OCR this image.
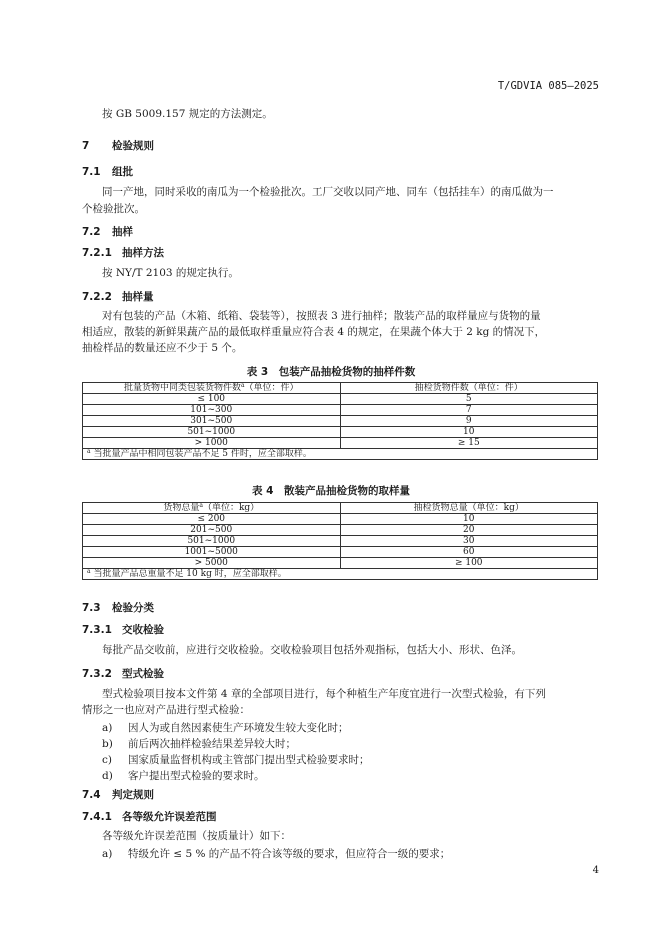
T/GDVIA 085—2025
按 GB 5009.157 规定的方法测定。
7 检验规则
7.1 组批
同一产地，同时采收的南瓜为一个检验批次。工厂交收以同产地、同车（包括挂车）的南瓜做为一
个检验批次。
7.2 抽样
7.2.1 抽样方法
按 NY/T 2103 的规定执行。
7.2.2 抽样量
对有包装的产品（木箱、纸箱、袋装等），按照表 3 进行抽样；散装产品的取样量应与货物的量
相适应，散装的新鲜果蔬产品的最低取样重量应符合表 4 的规定，在果蔬个体大于 2 kg 的情况下，
抽检样品的数量还应不少于 5 个。
表 3　包装产品抽检货物的抽样件数
批量货物中同类包装货物件数$^a$（单位：件）	抽检货物件数（单位：件）
≤ 100	5
101~300	7
301~500	9
501~1000	10
> 1000	≥ 15
$^a$ 当批量产品中相同包装产品不足 5 件时，应全部取样。	
表 4　散装产品抽检货物的取样量
货物总量$^a$（单位：kg）	抽检货物总量（单位：kg）
≤ 200	10
201~500	20
501~1000	30
1001~5000	60
> 5000	≥ 100
$^a$ 当批量产品总重量不足 10 kg 时，应全部取样。	
7.3 检验分类
7.3.1 交收检验
每批产品交收前，应进行交收检验。交收检验项目包括外观指标，包括大小、形状、色泽。
7.3.2 型式检验
型式检验项目按本文件第 4 章的全部项目进行，每个种植生产年度宜进行一次型式检验，有下列
情形之一也应对产品进行型式检验：
a) 因人为或自然因素使生产环境发生较大变化时；
b) 前后两次抽样检验结果差异较大时；
c) 国家质量监督机构或主管部门提出型式检验要求时；
d) 客户提出型式检验的要求时。
7.4 判定规则
7.4.1 各等级允许误差范围
各等级允许误差范围（按质量计）如下：
a) 特级允许 ≤ 5 % 的产品不符合该等级的要求，但应符合一级的要求；
4
